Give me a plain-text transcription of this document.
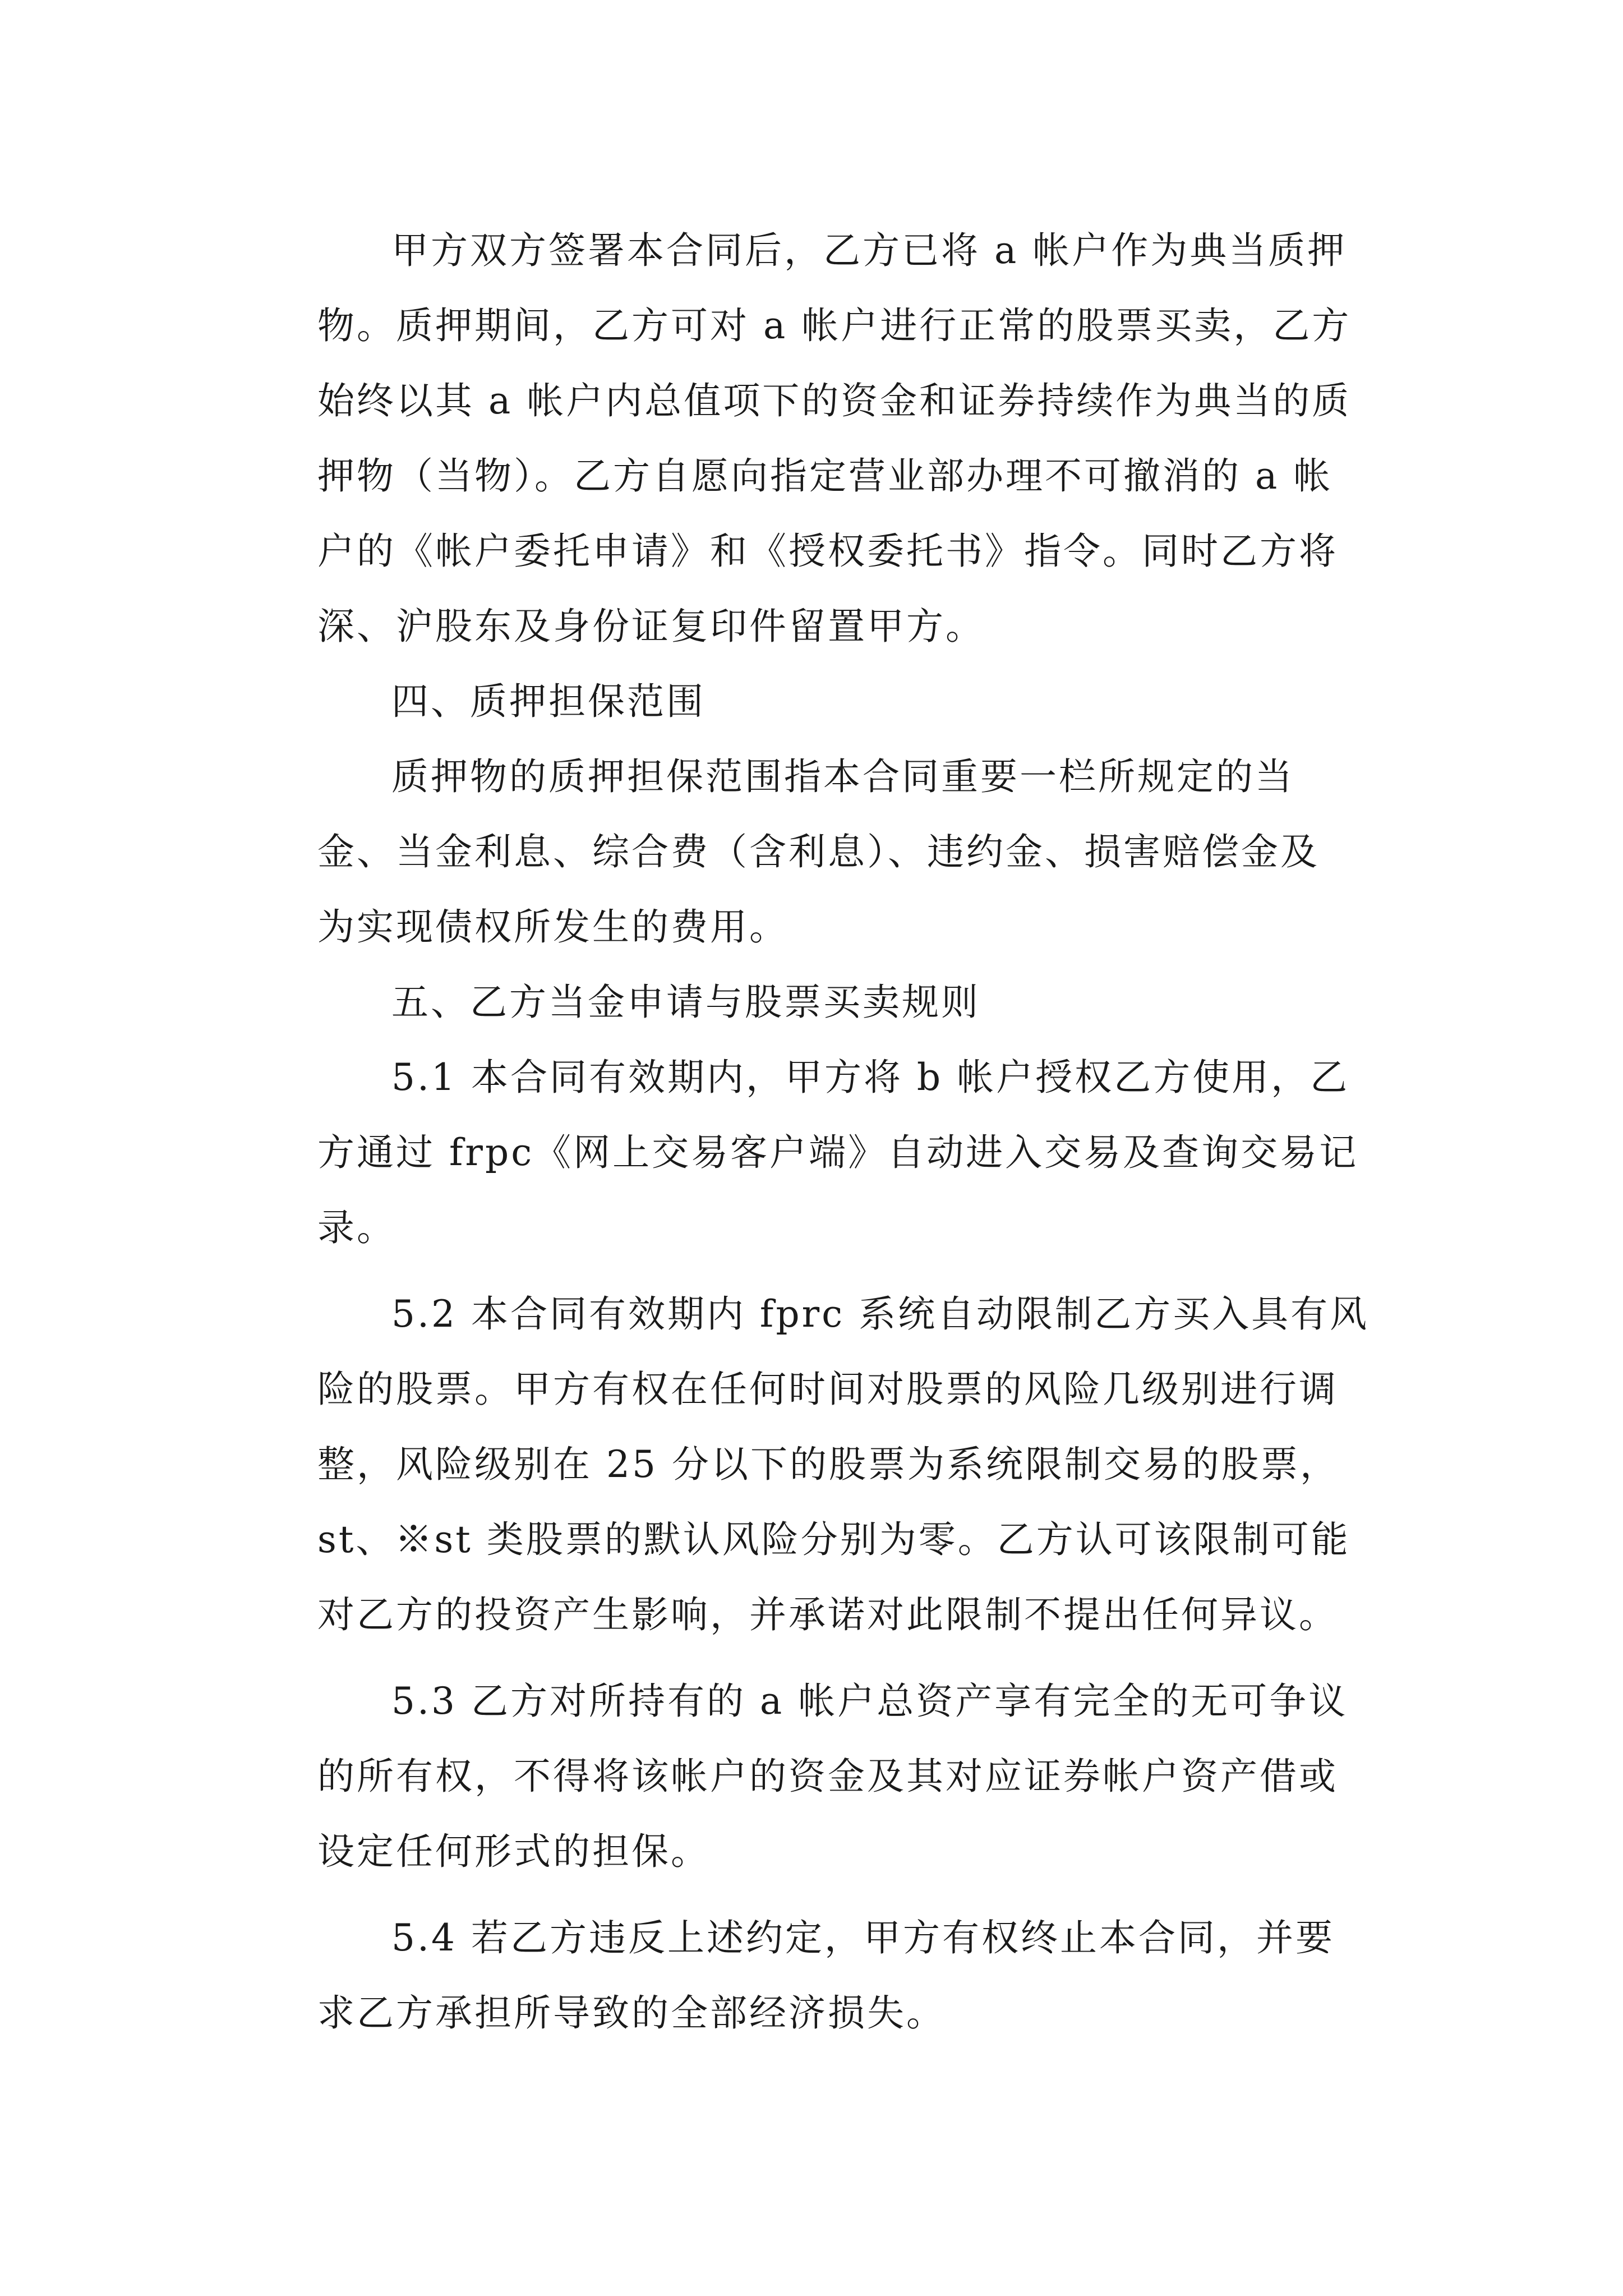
甲方双方签署本合同后，乙方已将 a 帐户作为典当质押
物。质押期间，乙方可对 a 帐户进行正常的股票买卖，乙方
始终以其 a 帐户内总值项下的资金和证券持续作为典当的质
押物（当物）。乙方自愿向指定营业部办理不可撤消的 a 帐
户的《帐户委托申请》和《授权委托书》指令。同时乙方将
深、沪股东及身份证复印件留置甲方。

四、质押担保范围

质押物的质押担保范围指本合同重要一栏所规定的当
金、当金利息、综合费（含利息）、违约金、损害赔偿金及
为实现债权所发生的费用。

五、乙方当金申请与股票买卖规则

5.1 本合同有效期内，甲方将 b 帐户授权乙方使用，乙
方通过 frpc《网上交易客户端》自动进入交易及查询交易记
录。

5.2 本合同有效期内 fprc 系统自动限制乙方买入具有风
险的股票。甲方有权在任何时间对股票的风险几级别进行调
整，风险级别在 25 分以下的股票为系统限制交易的股票，
st、※st 类股票的默认风险分别为零。乙方认可该限制可能
对乙方的投资产生影响，并承诺对此限制不提出任何异议。

5.3 乙方对所持有的 a 帐户总资产享有完全的无可争议
的所有权，不得将该帐户的资金及其对应证券帐户资产借或
设定任何形式的担保。

5.4 若乙方违反上述约定，甲方有权终止本合同，并要
求乙方承担所导致的全部经济损失。
